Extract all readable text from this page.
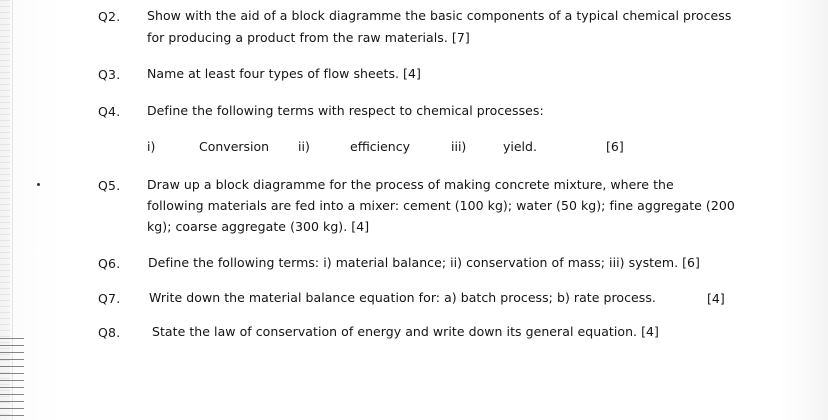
Q2. Show with the aid of a block diagramme the basic components of a typical chemical process
for producing a product from the raw materials. [7]
Q3. Name at least four types of flow sheets. [4]
Q4. Define the following terms with respect to chemical processes:
i)	Conversion ii)	efficiency	iii)	yield.	[6]
Q5. Draw up a block diagramme for the process of making concrete mixture, where the
following materials are fed into a mixer: cement (100 kg); water (50 kg); fine aggregate (200
kg); coarse aggregate (300 kg). [4]
Q6. Define the following terms: i) material balance; ii) conservation of mass; iii) system. [6]
Q7. Write down the material balance equation for: a) batch process; b) rate process.	[4]
Q8.	State the law of conservation of energy and write down its general equation. [4]
